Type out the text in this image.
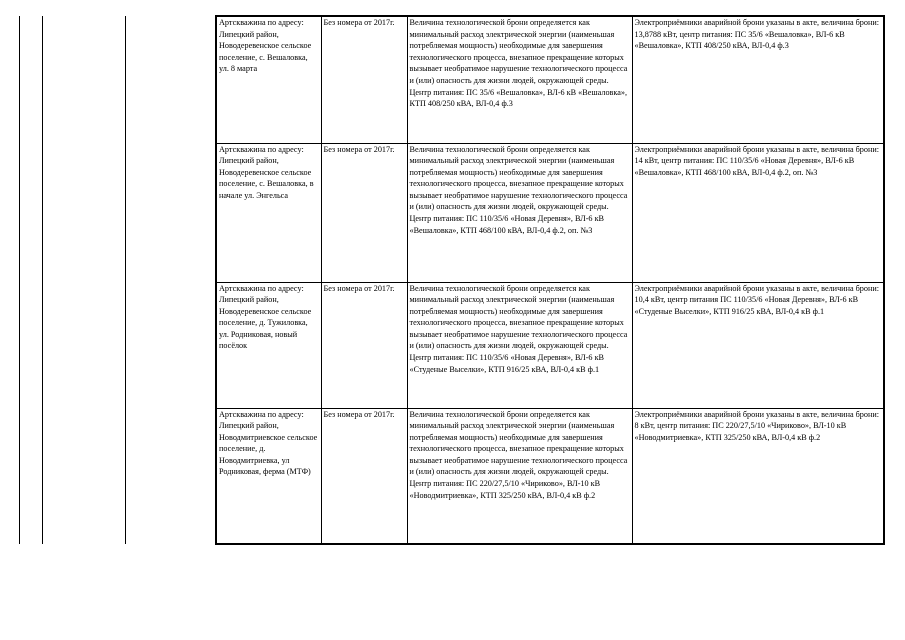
Артскважина по адресу: Липецкий район, Новодеревенское сельское поселение, с. Вешаловка, ул. 8 марта	Без номера от 2017г.	Величина технологической брони определяется как минимальный расход электрической энергии (наименьшая потребляемая мощность) необходимые для завершения технологического процесса, внезапное прекращение которых вызывает необратимое нарушение технологического процесса и (или) опасность для жизни людей, окружающей среды. Центр питания: ПС 35/6 «Вешаловка», ВЛ-6 кВ «Вешаловка», КТП 408/250 кВА, ВЛ-0,4 ф.3	Электроприёмники аварийной брони указаны в акте, величина брони: 13,8788 кВт, центр питания: ПС 35/6 «Вешаловка», ВЛ-6 кВ «Вешаловка», КТП 408/250 кВА, ВЛ-0,4 ф.3

Артскважина по адресу: Липецкий район, Новодеревенское сельское поселение, с. Вешаловка, в начале ул. Энгельса	Без номера от 2017г.	Величина технологической брони определяется как минимальный расход электрической энергии (наименьшая потребляемая мощность) необходимые для завершения технологического процесса, внезапное прекращение которых вызывает необратимое нарушение технологического процесса и (или) опасность для жизни людей, окружающей среды. Центр питания: ПС 110/35/6 «Новая Деревня», ВЛ-6 кВ «Вешаловка», КТП 468/100 кВА, ВЛ-0,4 ф.2, оп. №3	Электроприёмники аварийной брони указаны в акте, величина брони: 14 кВт, центр питания: ПС 110/35/6 «Новая Деревня», ВЛ-6 кВ «Вешаловка», КТП 468/100 кВА, ВЛ-0,4 ф.2, оп. №3

Артскважина по адресу: Липецкий район, Новодеревенское сельское поселение, д. Тужиловка, ул. Родниковая, новый посёлок	Без номера от 2017г.	Величина технологической брони определяется как минимальный расход электрической энергии (наименьшая потребляемая мощность) необходимые для завершения технологического процесса, внезапное прекращение которых вызывает необратимое нарушение технологического процесса и (или) опасность для жизни людей, окружающей среды. Центр питания: ПС 110/35/6 «Новая Деревня», ВЛ-6 кВ «Студеные Выселки», КТП 916/25 кВА, ВЛ-0,4 кВ ф.1	Электроприёмники аварийной брони указаны в акте, величина брони: 10,4 кВт, центр питания ПС 110/35/6 «Новая Деревня», ВЛ-6 кВ «Студеные Выселки», КТП 916/25 кВА, ВЛ-0,4 кВ ф.1

Артскважина по адресу: Липецкий район, Новодмитриевское сельское поселение, д. Новодмитриевка, ул Родниковая, ферма (МТФ)	Без номера от 2017г.	Величина технологической брони определяется как минимальный расход электрической энергии (наименьшая потребляемая мощность) необходимые для завершения технологического процесса, внезапное прекращение которых вызывает необратимое нарушение технологического процесса и (или) опасность для жизни людей, окружающей среды. Центр питания: ПС 220/27,5/10 «Чириково», ВЛ-10 кВ «Новодмитриевка», КТП 325/250 кВА, ВЛ-0,4 кВ ф.2	Электроприёмники аварийной брони указаны в акте, величина брони: 8 кВт, центр питания: ПС 220/27,5/10 «Чириково», ВЛ-10 кВ «Новодмитриевка», КТП 325/250 кВА, ВЛ-0,4 кВ ф.2
